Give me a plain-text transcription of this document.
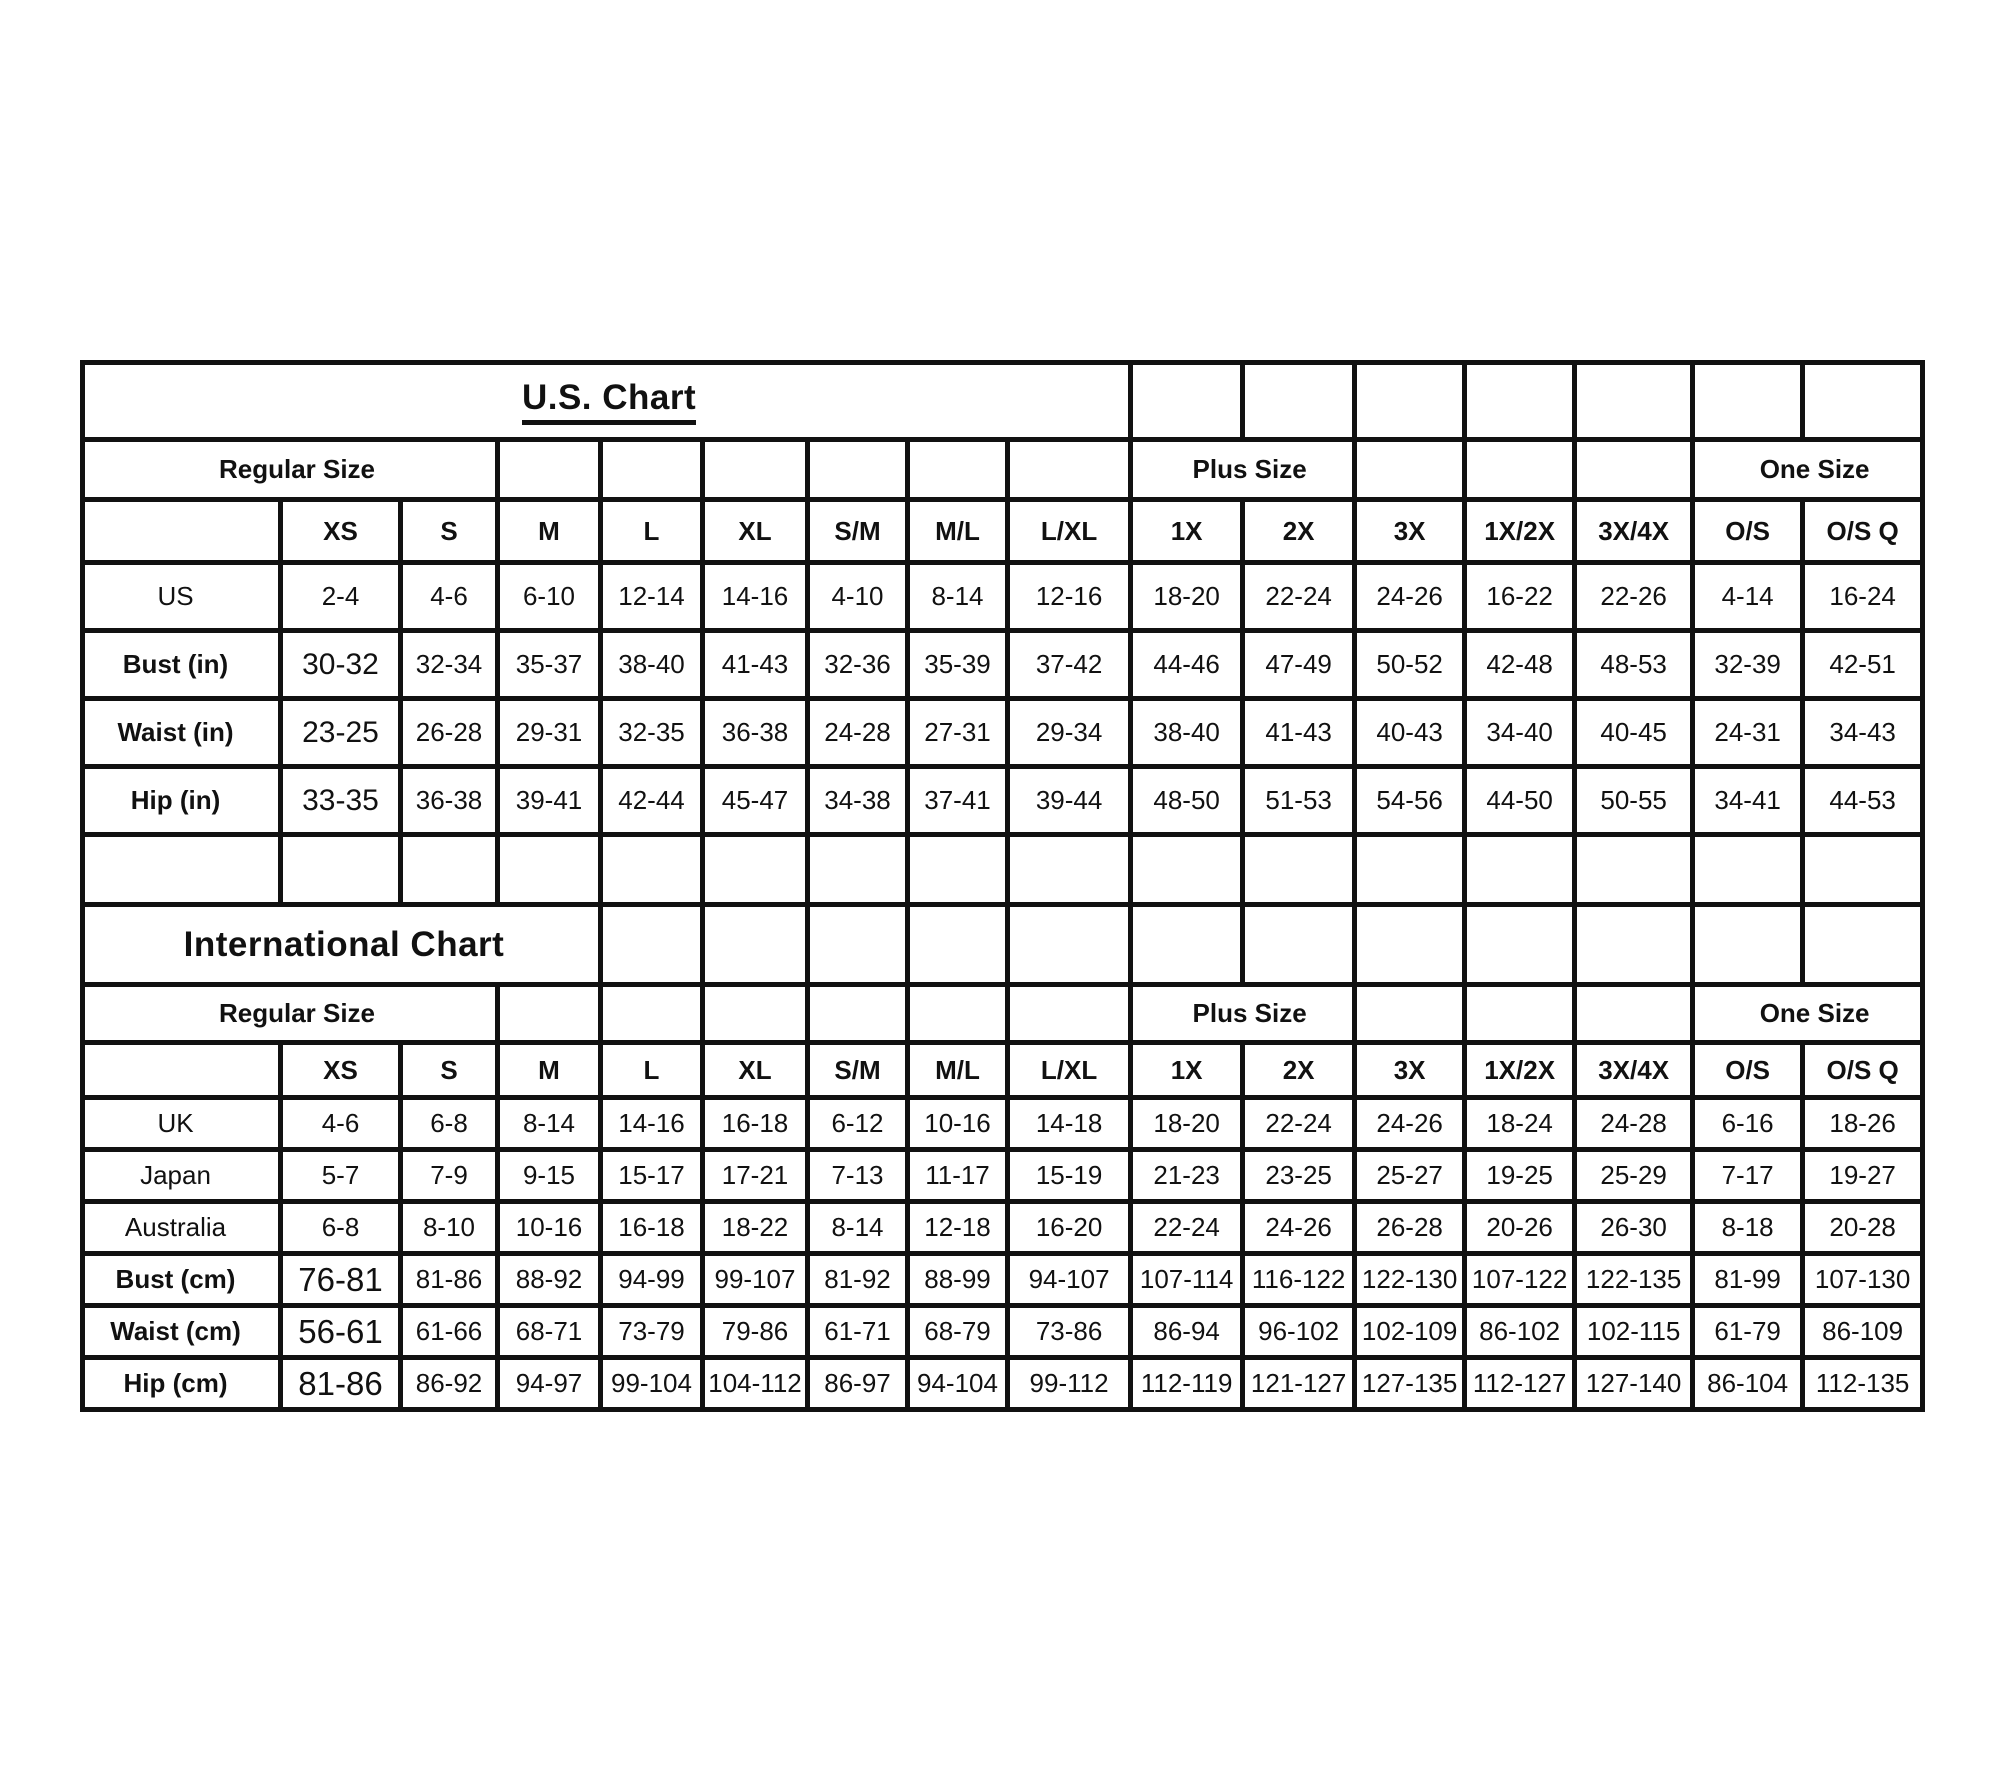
U.S. Chart															
Regular Size									Plus Size					One Size	
	XS	S	M	L	XL	S/M	M/L	L/XL	1X	2X	3X	1X/2X	3X/4X	O/S	O/S Q
US	2-4	4-6	6-10	12-14	14-16	4-10	8-14	12-16	18-20	22-24	24-26	16-22	22-26	4-14	16-24
Bust (in)	30-32	32-34	35-37	38-40	41-43	32-36	35-39	37-42	44-46	47-49	50-52	42-48	48-53	32-39	42-51
Waist (in)	23-25	26-28	29-31	32-35	36-38	24-28	27-31	29-34	38-40	41-43	40-43	34-40	40-45	24-31	34-43
Hip (in)	33-35	36-38	39-41	42-44	45-47	34-38	37-41	39-44	48-50	51-53	54-56	44-50	50-55	34-41	44-53

International Chart															
Regular Size									Plus Size					One Size	
	XS	S	M	L	XL	S/M	M/L	L/XL	1X	2X	3X	1X/2X	3X/4X	O/S	O/S Q
UK	4-6	6-8	8-14	14-16	16-18	6-12	10-16	14-18	18-20	22-24	24-26	18-24	24-28	6-16	18-26
Japan	5-7	7-9	9-15	15-17	17-21	7-13	11-17	15-19	21-23	23-25	25-27	19-25	25-29	7-17	19-27
Australia	6-8	8-10	10-16	16-18	18-22	8-14	12-18	16-20	22-24	24-26	26-28	20-26	26-30	8-18	20-28
Bust (cm)	76-81	81-86	88-92	94-99	99-107	81-92	88-99	94-107	107-114	116-122	122-130	107-122	122-135	81-99	107-130
Waist (cm)	56-61	61-66	68-71	73-79	79-86	61-71	68-79	73-86	86-94	96-102	102-109	86-102	102-115	61-79	86-109
Hip (cm)	81-86	86-92	94-97	99-104	104-112	86-97	94-104	99-112	112-119	121-127	127-135	112-127	127-140	86-104	112-135
